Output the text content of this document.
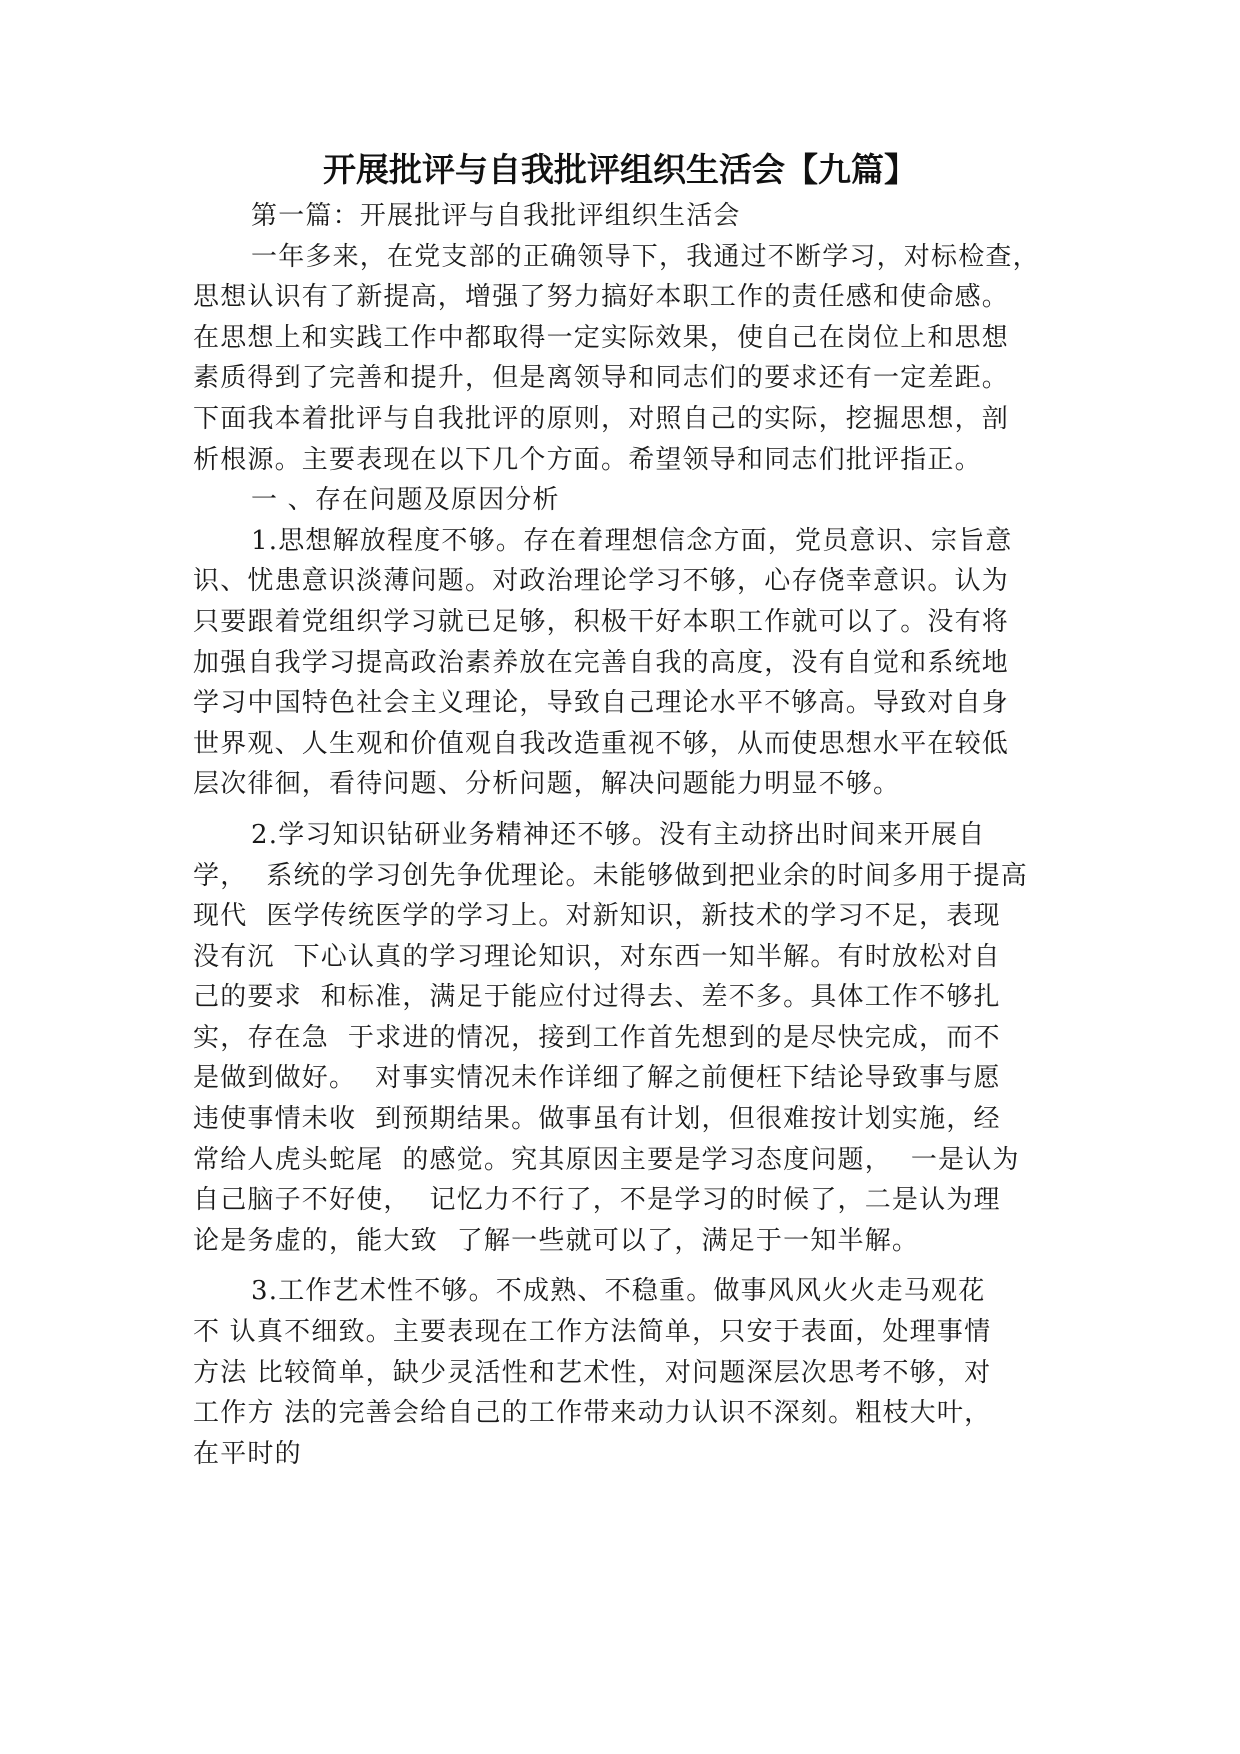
开展批评与自我批评组织生活会【九篇】
第一篇：开展批评与自我批评组织生活会
一年多来，在党支部的正确领导下，我通过不断学习，对标检查，
思想认识有了新提高，增强了努力搞好本职工作的责任感和使命感。
在思想上和实践工作中都取得一定实际效果，使自己在岗位上和思想
素质得到了完善和提升，但是离领导和同志们的要求还有一定差距。
下面我本着批评与自我批评的原则，对照自己的实际，挖掘思想，剖
析根源。主要表现在以下几个方面。希望领导和同志们批评指正。
一 、存在问题及原因分析
1.思想解放程度不够。存在着理想信念方面，党员意识、宗旨意
识、忧患意识淡薄问题。对政治理论学习不够，心存侥幸意识。认为
只要跟着党组织学习就已足够，积极干好本职工作就可以了。没有将
加强自我学习提高政治素养放在完善自我的高度，没有自觉和系统地
学习中国特色社会主义理论，导致自己理论水平不够高。导致对自身
世界观、人生观和价值观自我改造重视不够，从而使思想水平在较低
层次徘徊，看待问题、分析问题，解决问题能力明显不够。
2.学习知识钻研业务精神还不够。没有主动挤出时间来开展自
学，  系统的学习创先争优理论。未能够做到把业余的时间多用于提高
现代  医学传统医学的学习上。对新知识，新技术的学习不足，表现
没有沉  下心认真的学习理论知识，对东西一知半解。有时放松对自
己的要求  和标准，满足于能应付过得去、差不多。具体工作不够扎
实，存在急  于求进的情况，接到工作首先想到的是尽快完成，而不
是做到做好。  对事实情况未作详细了解之前便枉下结论导致事与愿
违使事情未收  到预期结果。做事虽有计划，但很难按计划实施，经
常给人虎头蛇尾  的感觉。究其原因主要是学习态度问题，  一是认为
自己脑子不好使，  记忆力不行了，不是学习的时候了，二是认为理
论是务虚的，能大致  了解一些就可以了，满足于一知半解。
3.工作艺术性不够。不成熟、不稳重。做事风风火火走马观花
不 认真不细致。主要表现在工作方法简单，只安于表面，处理事情
方法 比较简单，缺少灵活性和艺术性，对问题深层次思考不够，对
工作方 法的完善会给自己的工作带来动力认识不深刻。粗枝大叶，
在平时的
